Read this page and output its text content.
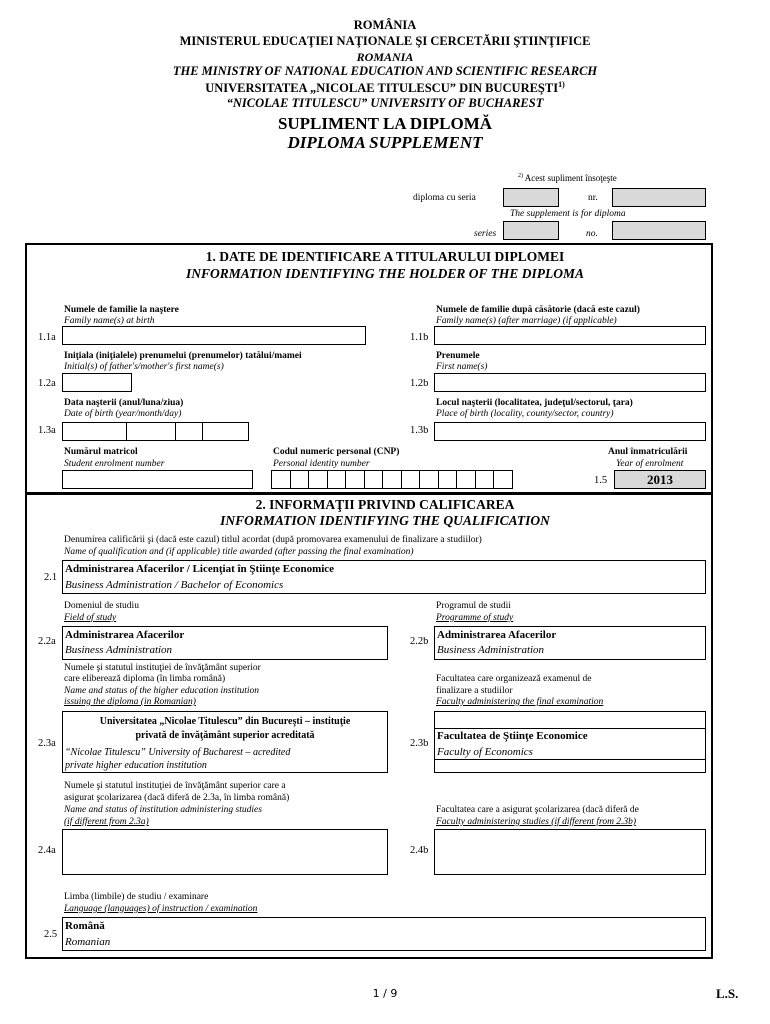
ROMÂNIA
MINISTERUL EDUCAŢIEI NAŢIONALE ŞI CERCETĂRII ŞTIINŢIFICE
ROMANIA
THE MINISTRY OF NATIONAL EDUCATION AND SCIENTIFIC RESEARCH
UNIVERSITATEA „NICOLAE TITULESCU” DIN BUCUREŞTI$^{1)}$
“NICOLAE TITULESCU” UNIVERSITY OF BUCHAREST
SUPLIMENT LA DIPLOMĂ
DIPLOMA SUPPLEMENT
$^{2)}$ Acest supliment însoţeşte
diploma cu seria	nr.
The supplement is for diploma
series	no.
1. DATE DE IDENTIFICARE A TITULARULUI DIPLOMEI
INFORMATION IDENTIFYING THE HOLDER OF THE DIPLOMA
Numele de familie la naştere
Family name(s) at birth
1.1a
Numele de familie după căsătorie (dacă este cazul)
Family name(s) (after marriage) (if applicable)
1.1b
Iniţiala (iniţialele) prenumelui (prenumelor) tatălui/mamei
Initial(s) of father's/mother's first name(s)
1.2a
Prenumele
First name(s)
1.2b
Data naşterii (anul/luna/ziua)
Date of birth (year/month/day)
1.3a
Locul naşterii (localitatea, judeţul/sectorul, ţara)
Place of birth (locality, county/sector, country)
1.3b
Numărul matricol
Student enrolment number
Codul numeric personal (CNP)
Personal identity number
Anul înmatriculării
Year of enrolment
1.5	2013
2. INFORMAŢII PRIVIND CALIFICAREA
INFORMATION IDENTIFYING THE QUALIFICATION
Denumirea calificării şi (dacă este cazul) titlul acordat (după promovarea examenului de finalizare a studiilor)
Name of qualification and (if applicable) title awarded (after passing the final examination)
2.1
Administrarea Afacerilor / Licenţiat în Ştiinţe Economice
Business Administration / Bachelor of Economics
Domeniul de studiu
Field of study
2.2a
Administrarea Afacerilor
Business Administration
Programul de studii
Programme of study
2.2b
Administrarea Afacerilor
Business Administration
Numele şi statutul instituţiei de învăţământ superior
care eliberează diploma (în limba română)
Name and status of the higher education institution
issuing the diploma (in Romanian)
2.3a
Universitatea „Nicolae Titulescu” din Bucureşti – instituţie
privată de învăţământ superior acreditată
“Nicolae Titulescu” University of Bucharest – acredited
private higher education institution
Facultatea care organizează examenul de
finalizare a studiilor
Faculty administering the final examination
2.3b
Facultatea de Ştiinţe Economice
Faculty of Economics
Numele şi statutul instituţiei de învăţământ superior care a
asigurat şcolarizarea (dacă diferă de 2.3a, în limba română)
Name and status of institution administering studies
(if different from 2.3a)
2.4a
Facultatea care a asigurat şcolarizarea (dacă diferă de
Faculty administering studies (if different from 2.3b)
2.4b
Limba (limbile) de studiu / examinare
Language (languages) of instruction / examination
2.5
Română
Romanian
1 / 9	L.S.
